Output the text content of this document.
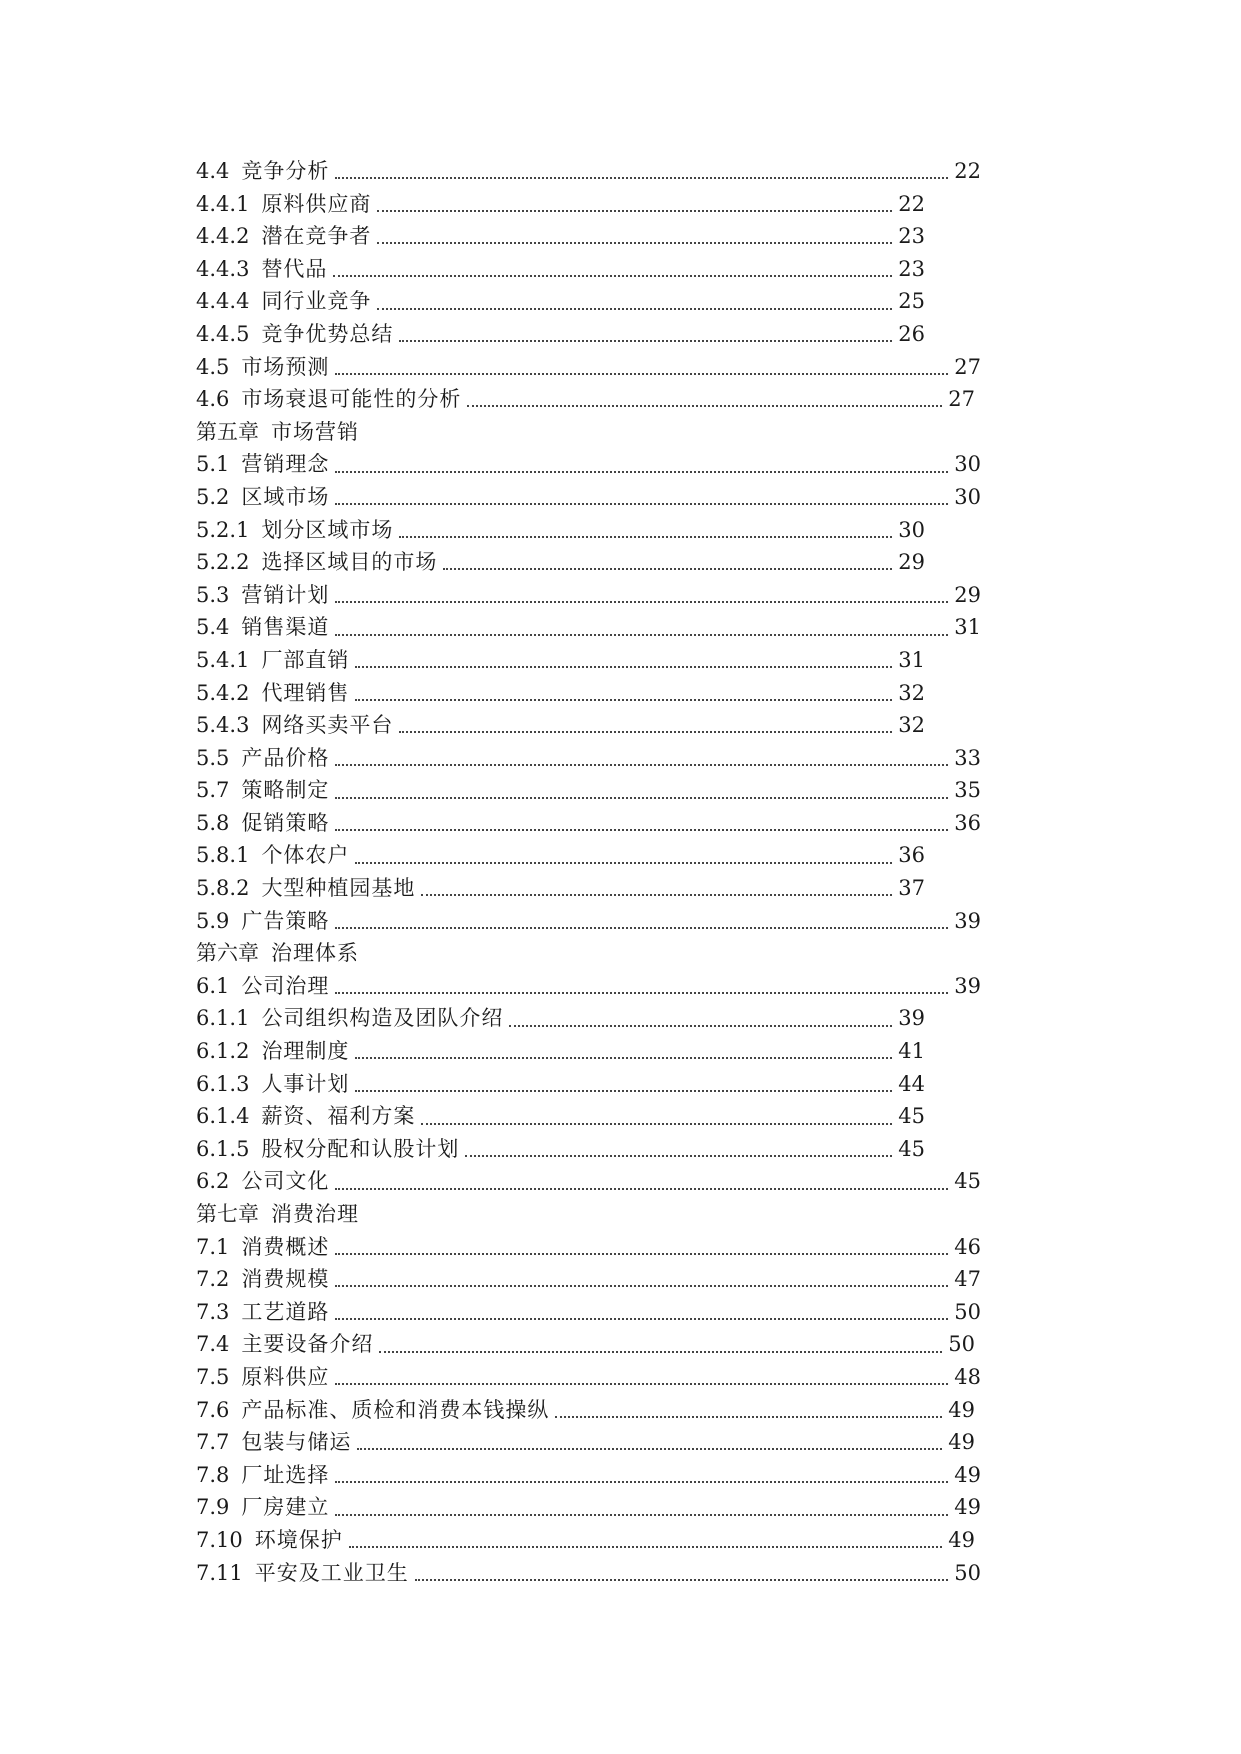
4.4 竞争分析	22
4.4.1 原料供应商	22
4.4.2 潜在竞争者	23
4.4.3 替代品	23
4.4.4 同行业竞争	25
4.4.5 竞争优势总结	26
4.5 市场预测	27
4.6 市场衰退可能性的分析	27
第五章 市场营销
5.1 营销理念	30
5.2 区域市场	30
5.2.1 划分区域市场	30
5.2.2 选择区域目的市场	29
5.3 营销计划	29
5.4 销售渠道	31
5.4.1 厂部直销	31
5.4.2 代理销售	32
5.4.3 网络买卖平台	32
5.5 产品价格	33
5.7 策略制定	35
5.8 促销策略	36
5.8.1 个体农户	36
5.8.2 大型种植园基地	37
5.9 广告策略	39
第六章 治理体系
6.1 公司治理	39
6.1.1 公司组织构造及团队介绍	39
6.1.2 治理制度	41
6.1.3 人事计划	44
6.1.4 薪资、福利方案	45
6.1.5 股权分配和认股计划	45
6.2 公司文化	45
第七章 消费治理
7.1 消费概述	46
7.2 消费规模	47
7.3 工艺道路	50
7.4 主要设备介绍	50
7.5 原料供应	48
7.6 产品标准、质检和消费本钱操纵	49
7.7 包装与储运	49
7.8 厂址选择	49
7.9 厂房建立	49
7.10 环境保护	49
7.11 平安及工业卫生	50
